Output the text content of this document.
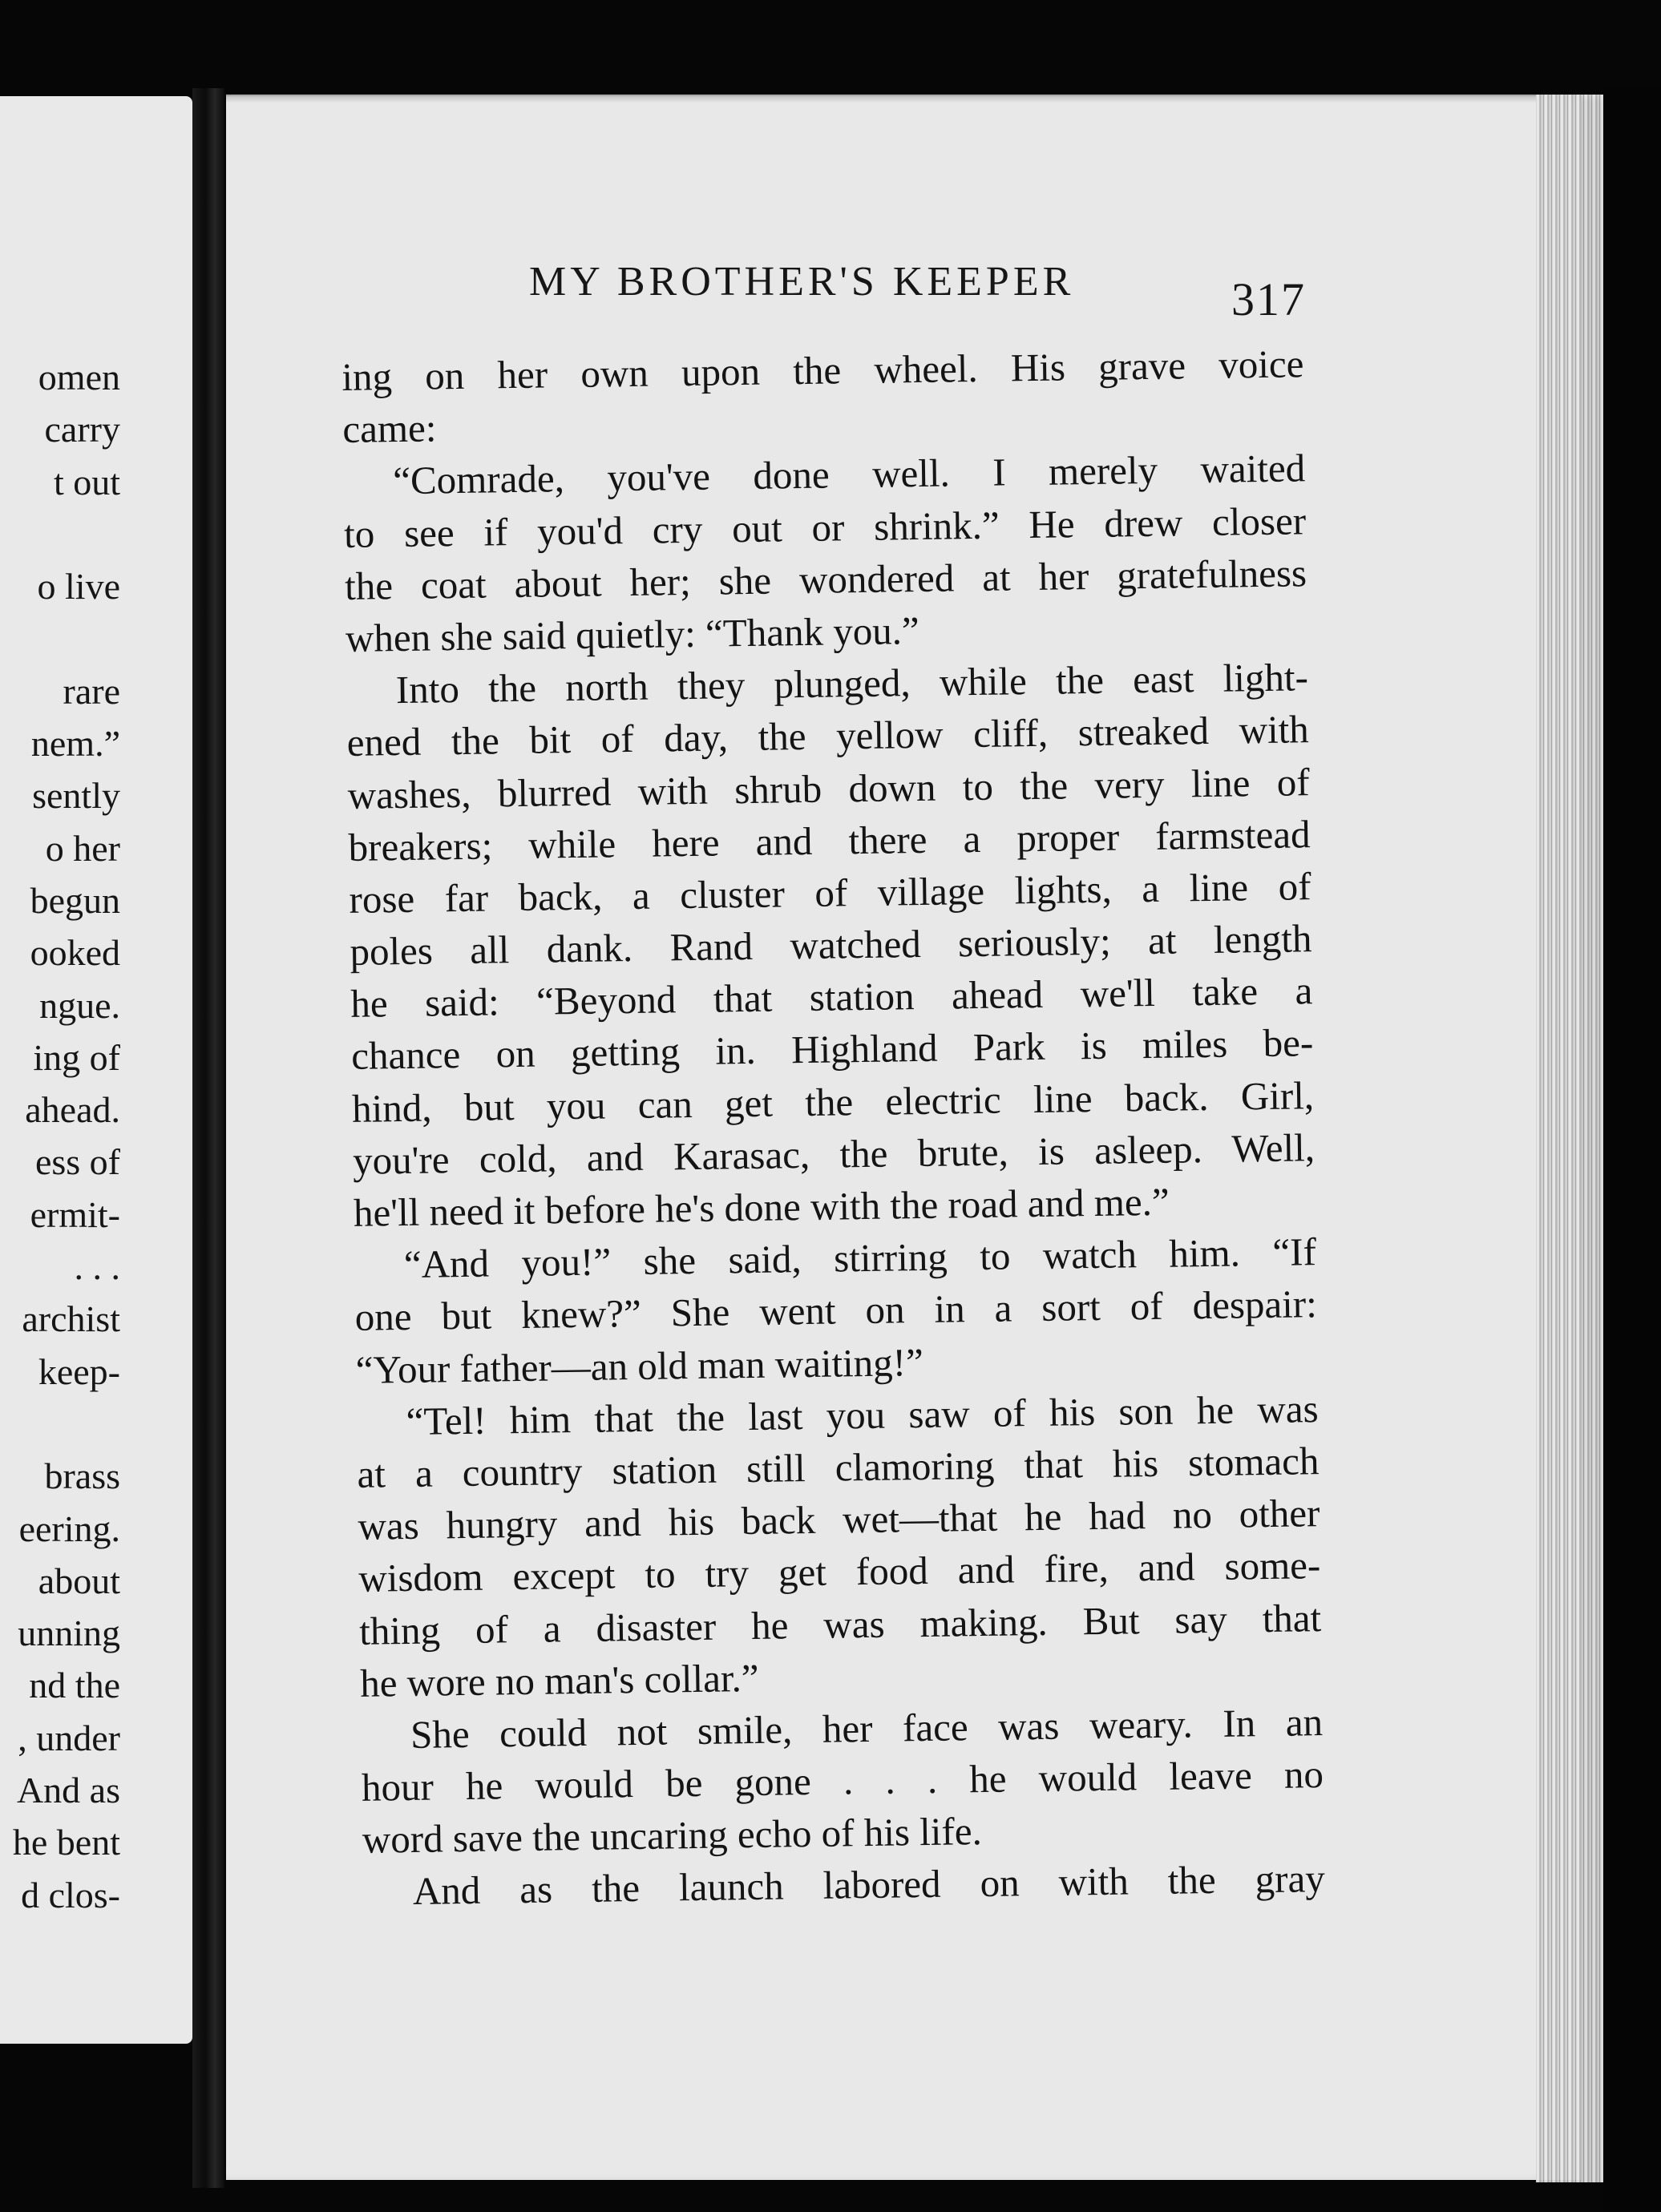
omen
carry
t out
o live
rare
nem.”
sently
o her
begun
ooked
ngue.
ing of
ahead.
ess of
ermit-
. . .
archist
keep-
brass
eering.
about
unning
nd the
, under
And as
he bent
d clos-
MY BROTHER'S KEEPER	317
ing on her own upon the wheel. His grave voice
came:
“Comrade, you've done well. I merely waited
to see if you'd cry out or shrink.” He drew closer
the coat about her; she wondered at her gratefulness
when she said quietly: “Thank you.”
Into the north they plunged, while the east light-
ened the bit of day, the yellow cliff, streaked with
washes, blurred with shrub down to the very line of
breakers; while here and there a proper farmstead
rose far back, a cluster of village lights, a line of
poles all dank. Rand watched seriously; at length
he said: “Beyond that station ahead we'll take a
chance on getting in. Highland Park is miles be-
hind, but you can get the electric line back. Girl,
you're cold, and Karasac, the brute, is asleep. Well,
he'll need it before he's done with the road and me.”
“And you!” she said, stirring to watch him. “If
one but knew?” She went on in a sort of despair:
“Your father—an old man waiting!”
“Tel! him that the last you saw of his son he was
at a country station still clamoring that his stomach
was hungry and his back wet—that he had no other
wisdom except to try get food and fire, and some-
thing of a disaster he was making. But say that
he wore no man's collar.”
She could not smile, her face was weary. In an
hour he would be gone . . . he would leave no
word save the uncaring echo of his life.
And as the launch labored on with the gray
